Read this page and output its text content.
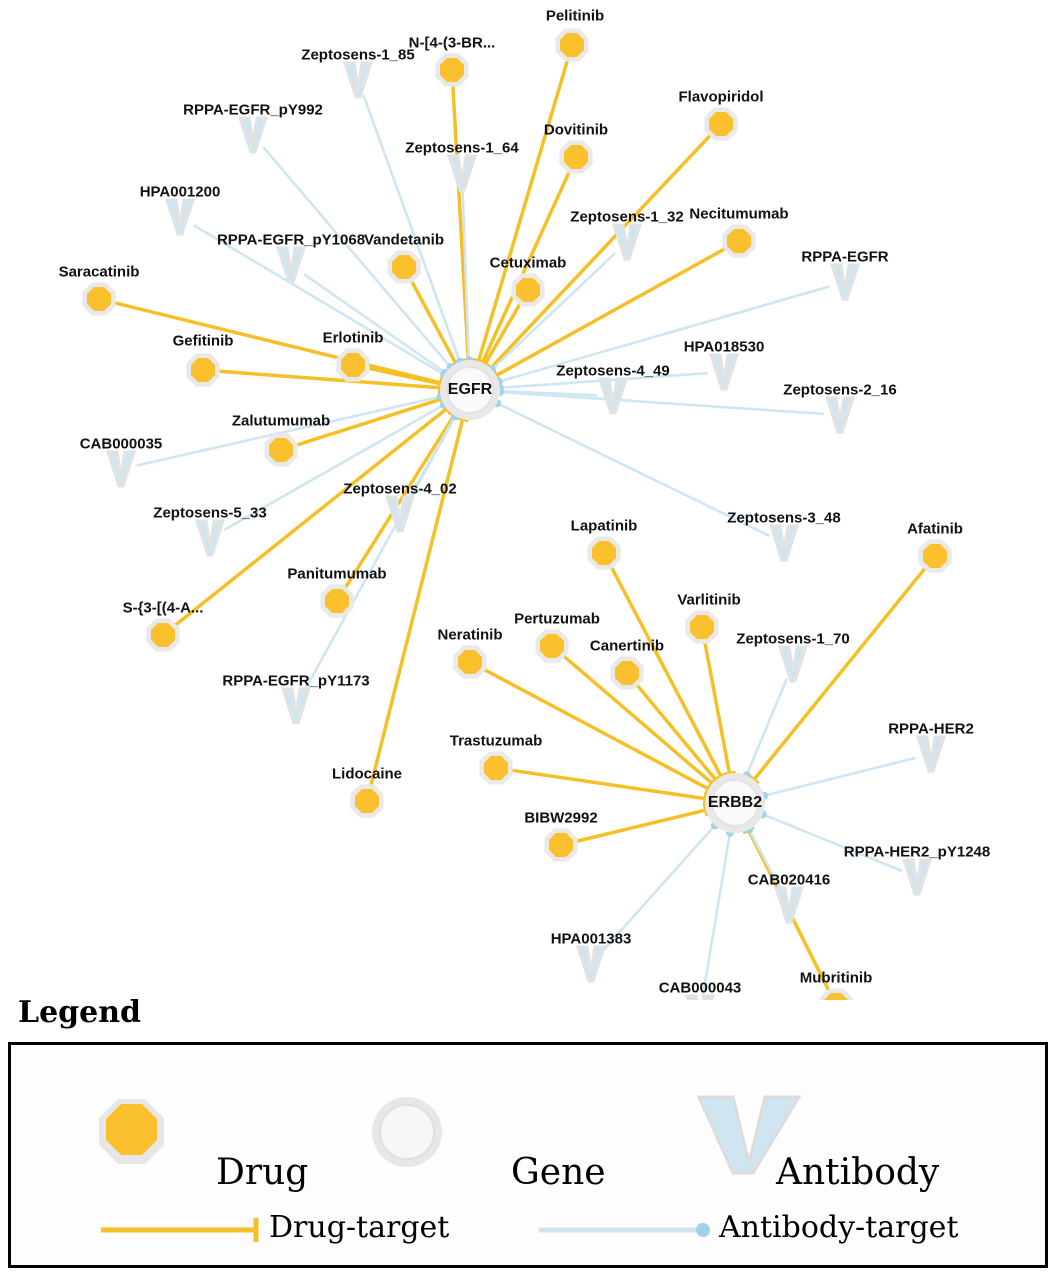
Pelitinib
N-[4-(3-BR...
Flavopiridol
Dovitinib
Necitumumab
Vandetanib
Cetuximab
Saracatinib
Erlotinib
Gefitinib
Zalutumumab
Afatinib
Lapatinib
Varlitinib
Panitumumab
Pertuzumab
S-{3-[(4-A...
Neratinib
Canertinib
Trastuzumab
Lidocaine
BIBW2992
Mubritinib
Zeptosens-1_85
RPPA-EGFR_pY992
Zeptosens-1_64
HPA001200
Zeptosens-1_32
RPPA-EGFR_pY1068
RPPA-EGFR
HPA018530
Zeptosens-4_49
Zeptosens-2_16
CAB000035
Zeptosens-4_02
Zeptosens-5_33	Zeptosens-3_48
Zeptosens-1_70
RPPA-EGFR_pY1173
RPPA-HER2
RPPA-HER2_pY1248
CAB020416
HPA001383
CAB000043
EGFR
ERBB2
Legend
Drug	Gene	Antibody
Drug-target	Antibody-target
